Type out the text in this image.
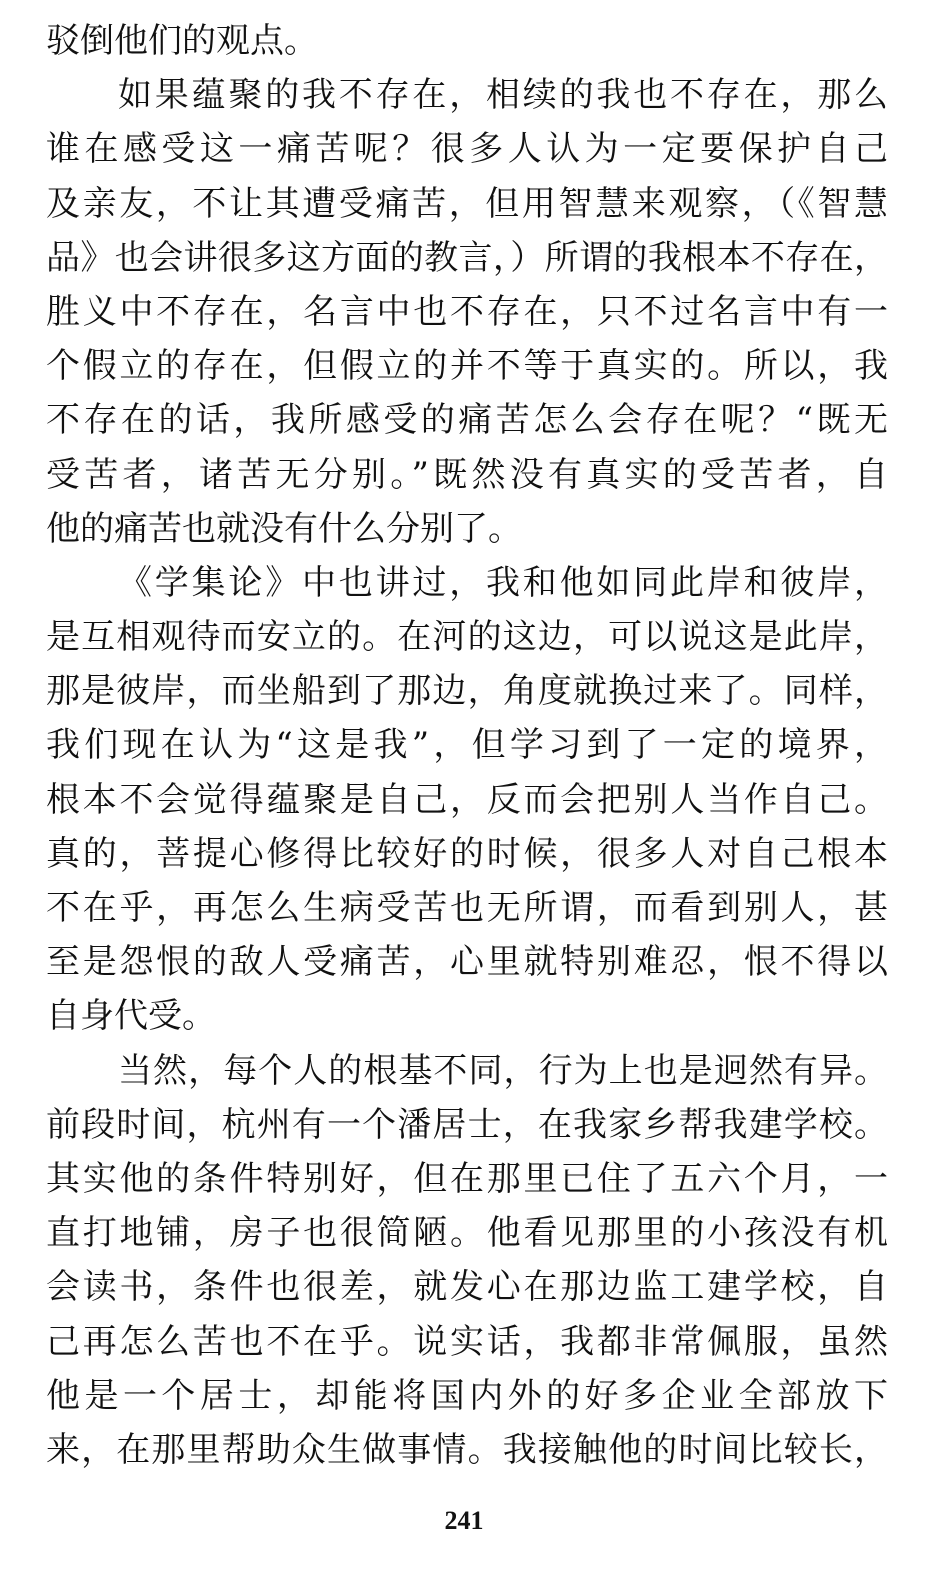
驳倒他们的观点。
如果蕴聚的我不存在，相续的我也不存在，那么
谁在感受这一痛苦呢？很多人认为一定要保护自己
及亲友，不让其遭受痛苦，但用智慧来观察，（《智慧
品》也会讲很多这方面的教言，）所谓的我根本不存在，
胜义中不存在，名言中也不存在，只不过名言中有一
个假立的存在，但假立的并不等于真实的。所以，我
不存在的话，我所感受的痛苦怎么会存在呢？“既无
受苦者，诸苦无分别。”既然没有真实的受苦者，自
他的痛苦也就没有什么分别了。
《学集论》中也讲过，我和他如同此岸和彼岸，
是互相观待而安立的。在河的这边，可以说这是此岸，
那是彼岸，而坐船到了那边，角度就换过来了。同样，
我们现在认为“这是我”，但学习到了一定的境界，
根本不会觉得蕴聚是自己，反而会把别人当作自己。
真的，菩提心修得比较好的时候，很多人对自己根本
不在乎，再怎么生病受苦也无所谓，而看到别人，甚
至是怨恨的敌人受痛苦，心里就特别难忍，恨不得以
自身代受。
当然，每个人的根基不同，行为上也是迥然有异。
前段时间，杭州有一个潘居士，在我家乡帮我建学校。
其实他的条件特别好，但在那里已住了五六个月，一
直打地铺，房子也很简陋。他看见那里的小孩没有机
会读书，条件也很差，就发心在那边监工建学校，自
己再怎么苦也不在乎。说实话，我都非常佩服，虽然
他是一个居士，却能将国内外的好多企业全部放下
来，在那里帮助众生做事情。我接触他的时间比较长，
241
